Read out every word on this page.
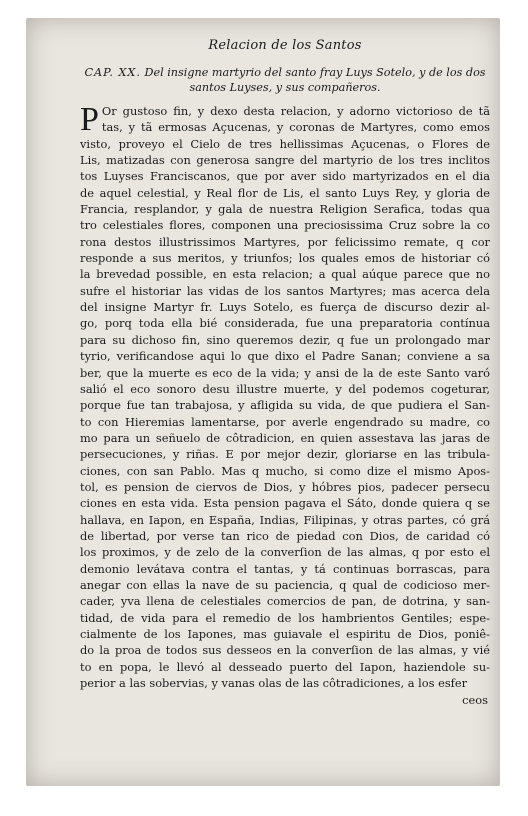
Relacion de los Santos
CAP. XX. Del insigne martyrio del santo fray Luys Sotelo, y de los dos santos Luyses, y sus compañeros.
P Or gustoso fin, y dexo desta relacion, y adorno victorioso de tã
tas, y tã ermosas Açucenas, y coronas de Martyres, como emos
visto, proveyo el Cielo de tres hellissimas Açucenas, o Flores de
Lis, matizadas con generosa sangre del martyrio de los tres inclitos
tos Luyses Franciscanos, que por aver sido martyrizados en el dia
de aquel celestial, y Real flor de Lis, el santo Luys Rey, y gloria de
Francia, resplandor, y gala de nuestra Religion Serafica, todas qua
tro celestiales flores, componen una preciosissima Cruz sobre la co
rona destos illustrissimos Martyres, por felicissimo remate, q cor
responde a sus meritos, y triunfos; los quales emos de historiar có
la brevedad possible, en esta relacion; a qual aúque parece que no
sufre el historiar las vidas de los santos Martyres; mas acerca dela
del insigne Martyr fr. Luys Sotelo, es fuerça de discurso dezir al-
go, porq toda ella bié considerada, fue una preparatoria contínua
para su dichoso fin, sino queremos dezir, q fue un prolongado mar
tyrio, verificandose aqui lo que dixo el Padre Sanan; conviene a sa
ber, que la muerte es eco de la vida; y ansi de la de este Santo varó
salió el eco sonoro desu illustre muerte, y del podemos cogeturar,
porque fue tan trabajosa, y afligida su vida, de que pudiera el San-
to con Hieremias lamentarse, por averle engendrado su madre, co
mo para un señuelo de côtradicion, en quien assestava las jaras de
persecuciones, y riñas. E por mejor dezir, gloriarse en las tribula-
ciones, con san Pablo. Mas q mucho, si como dize el mismo Apos-
tol, es pension de ciervos de Dios, y hóbres pios, padecer persecu
ciones en esta vida. Esta pension pagava el Sáto, donde quiera q se
hallava, en Iapon, en España, Indias, Filipinas, y otras partes, có grá
de libertad, por verse tan rico de piedad con Dios, de caridad có
los proximos, y de zelo de la converſion de las almas, q por esto el
demonio levátava contra el tantas, y tá continuas borrascas, para
anegar con ellas la nave de su paciencia, q qual de codicioso mer-
cader, yva llena de celestiales comercios de pan, de dotrina, y san-
tidad, de vida para el remedio de los hambrientos Gentiles; espe-
cialmente de los Iapones, mas guiavale el espiritu de Dios, poniê-
do la proa de todos sus desseos en la converſion de las almas, y vié
to en popa, le llevó al desseado puerto del Iapon, haziendole su-
perior a las sobervias, y vanas olas de las côtradiciones, a los esfer
ceos
